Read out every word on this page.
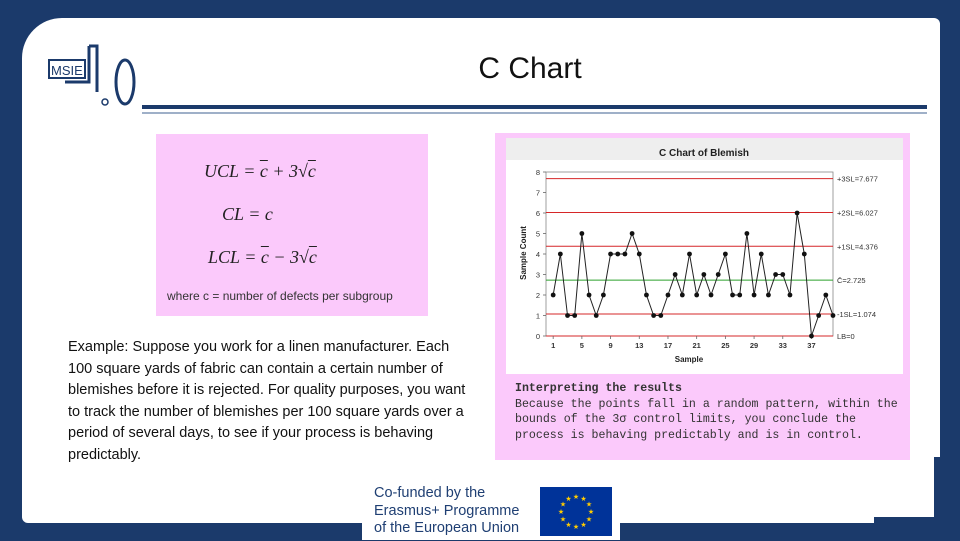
MSIE	C Chart
UCL = $\overline{c} + 3√c$
CL = c
LCL = $\overline{c} - 3√c$
where c = number of defects per subgroup
Example: Suppose you work for a linen manufacturer. Each 100 square yards of fabric can contain a certain number of blemishes before it is rejected. For quality purposes, you want to track the number of blemishes per 100 square yards over a period of several days, to see if your process is behaving predictably.
C Chart of Blemish
Sample Count
Sample
+3SL=7.677
+2SL=6.027
+1SL=4.376
C̄=2.725
-1SL=1.074
LB=0
0
1
2
3
4
5
6
7
8
1	5	9	13	17	21	25	29	33	37
Interpreting the results
Because the points fall in a random pattern, within the bounds of the 3σ control limits, you conclude the process is behaving predictably and is in control.
Co-funded by the
Erasmus+ Programme
of the European Union
★
★
★
★
★
★
★
★
★ ★ ★
★
